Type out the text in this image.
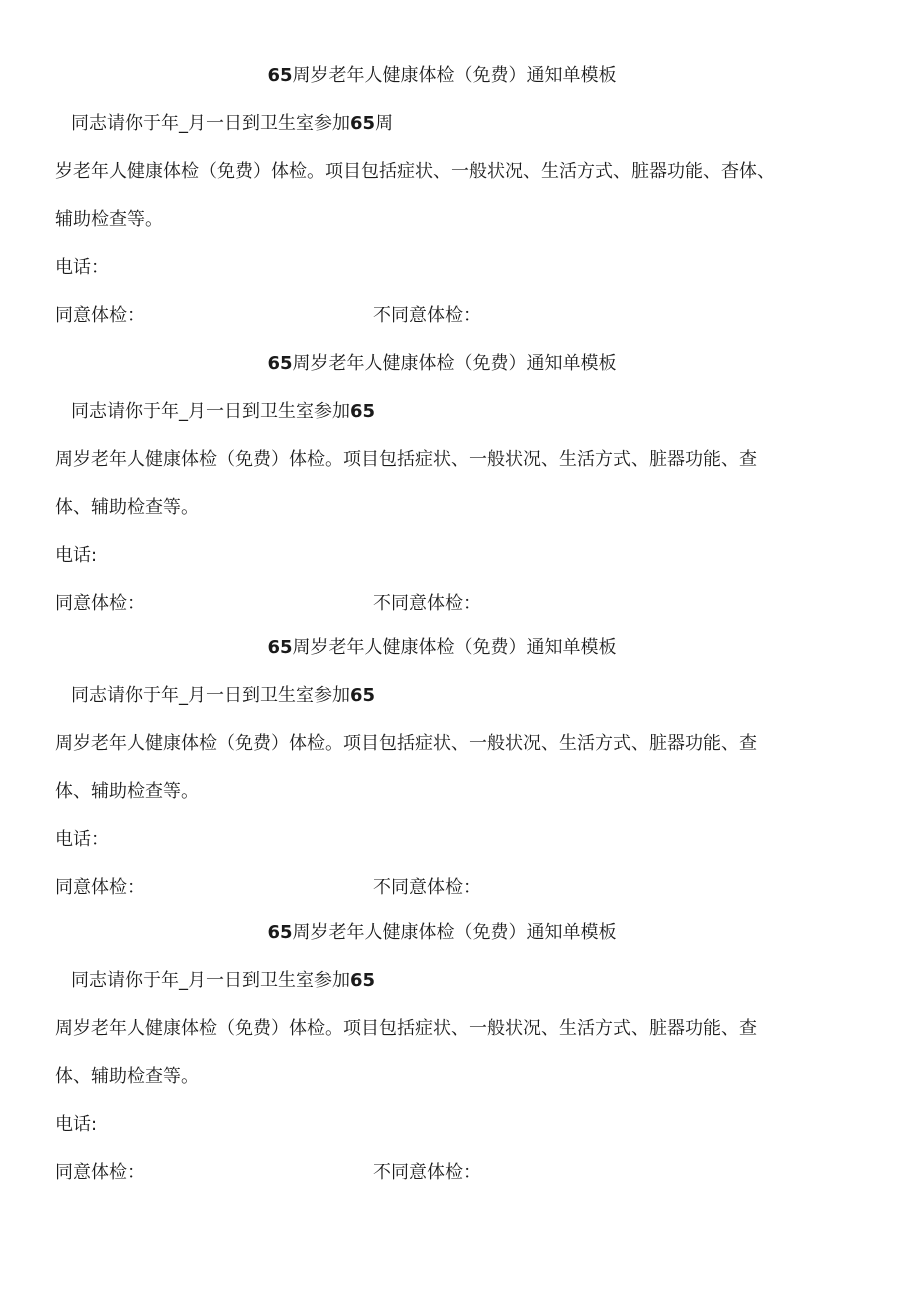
65周岁老年人健康体检（免费）通知单模板
同志请你于年_月一日到卫生室参加65周
岁老年人健康体检（免费）体检。项目包括症状、一般状况、生活方式、脏器功能、杳体、
辅助检查等。
电话：
同意体检：	不同意体检：
65周岁老年人健康体检（免费）通知单模板
同志请你于年_月一日到卫生室参加65
周岁老年人健康体检（免费）体检。项目包括症状、一般状况、生活方式、脏器功能、查
体、辅助检查等。
电话:
同意体检：	不同意体检：
65周岁老年人健康体检（免费）通知单模板
同志请你于年_月一日到卫生室参加65
周岁老年人健康体检（免费）体检。项目包括症状、一般状况、生活方式、脏器功能、查
体、辅助检查等。
电话：
同意体检：	不同意体检：
65周岁老年人健康体检（免费）通知单模板
同志请你于年_月一日到卫生室参加65
周岁老年人健康体检（免费）体检。项目包括症状、一般状况、生活方式、脏器功能、查
体、辅助检查等。
电话:
同意体检：	不同意体检：
